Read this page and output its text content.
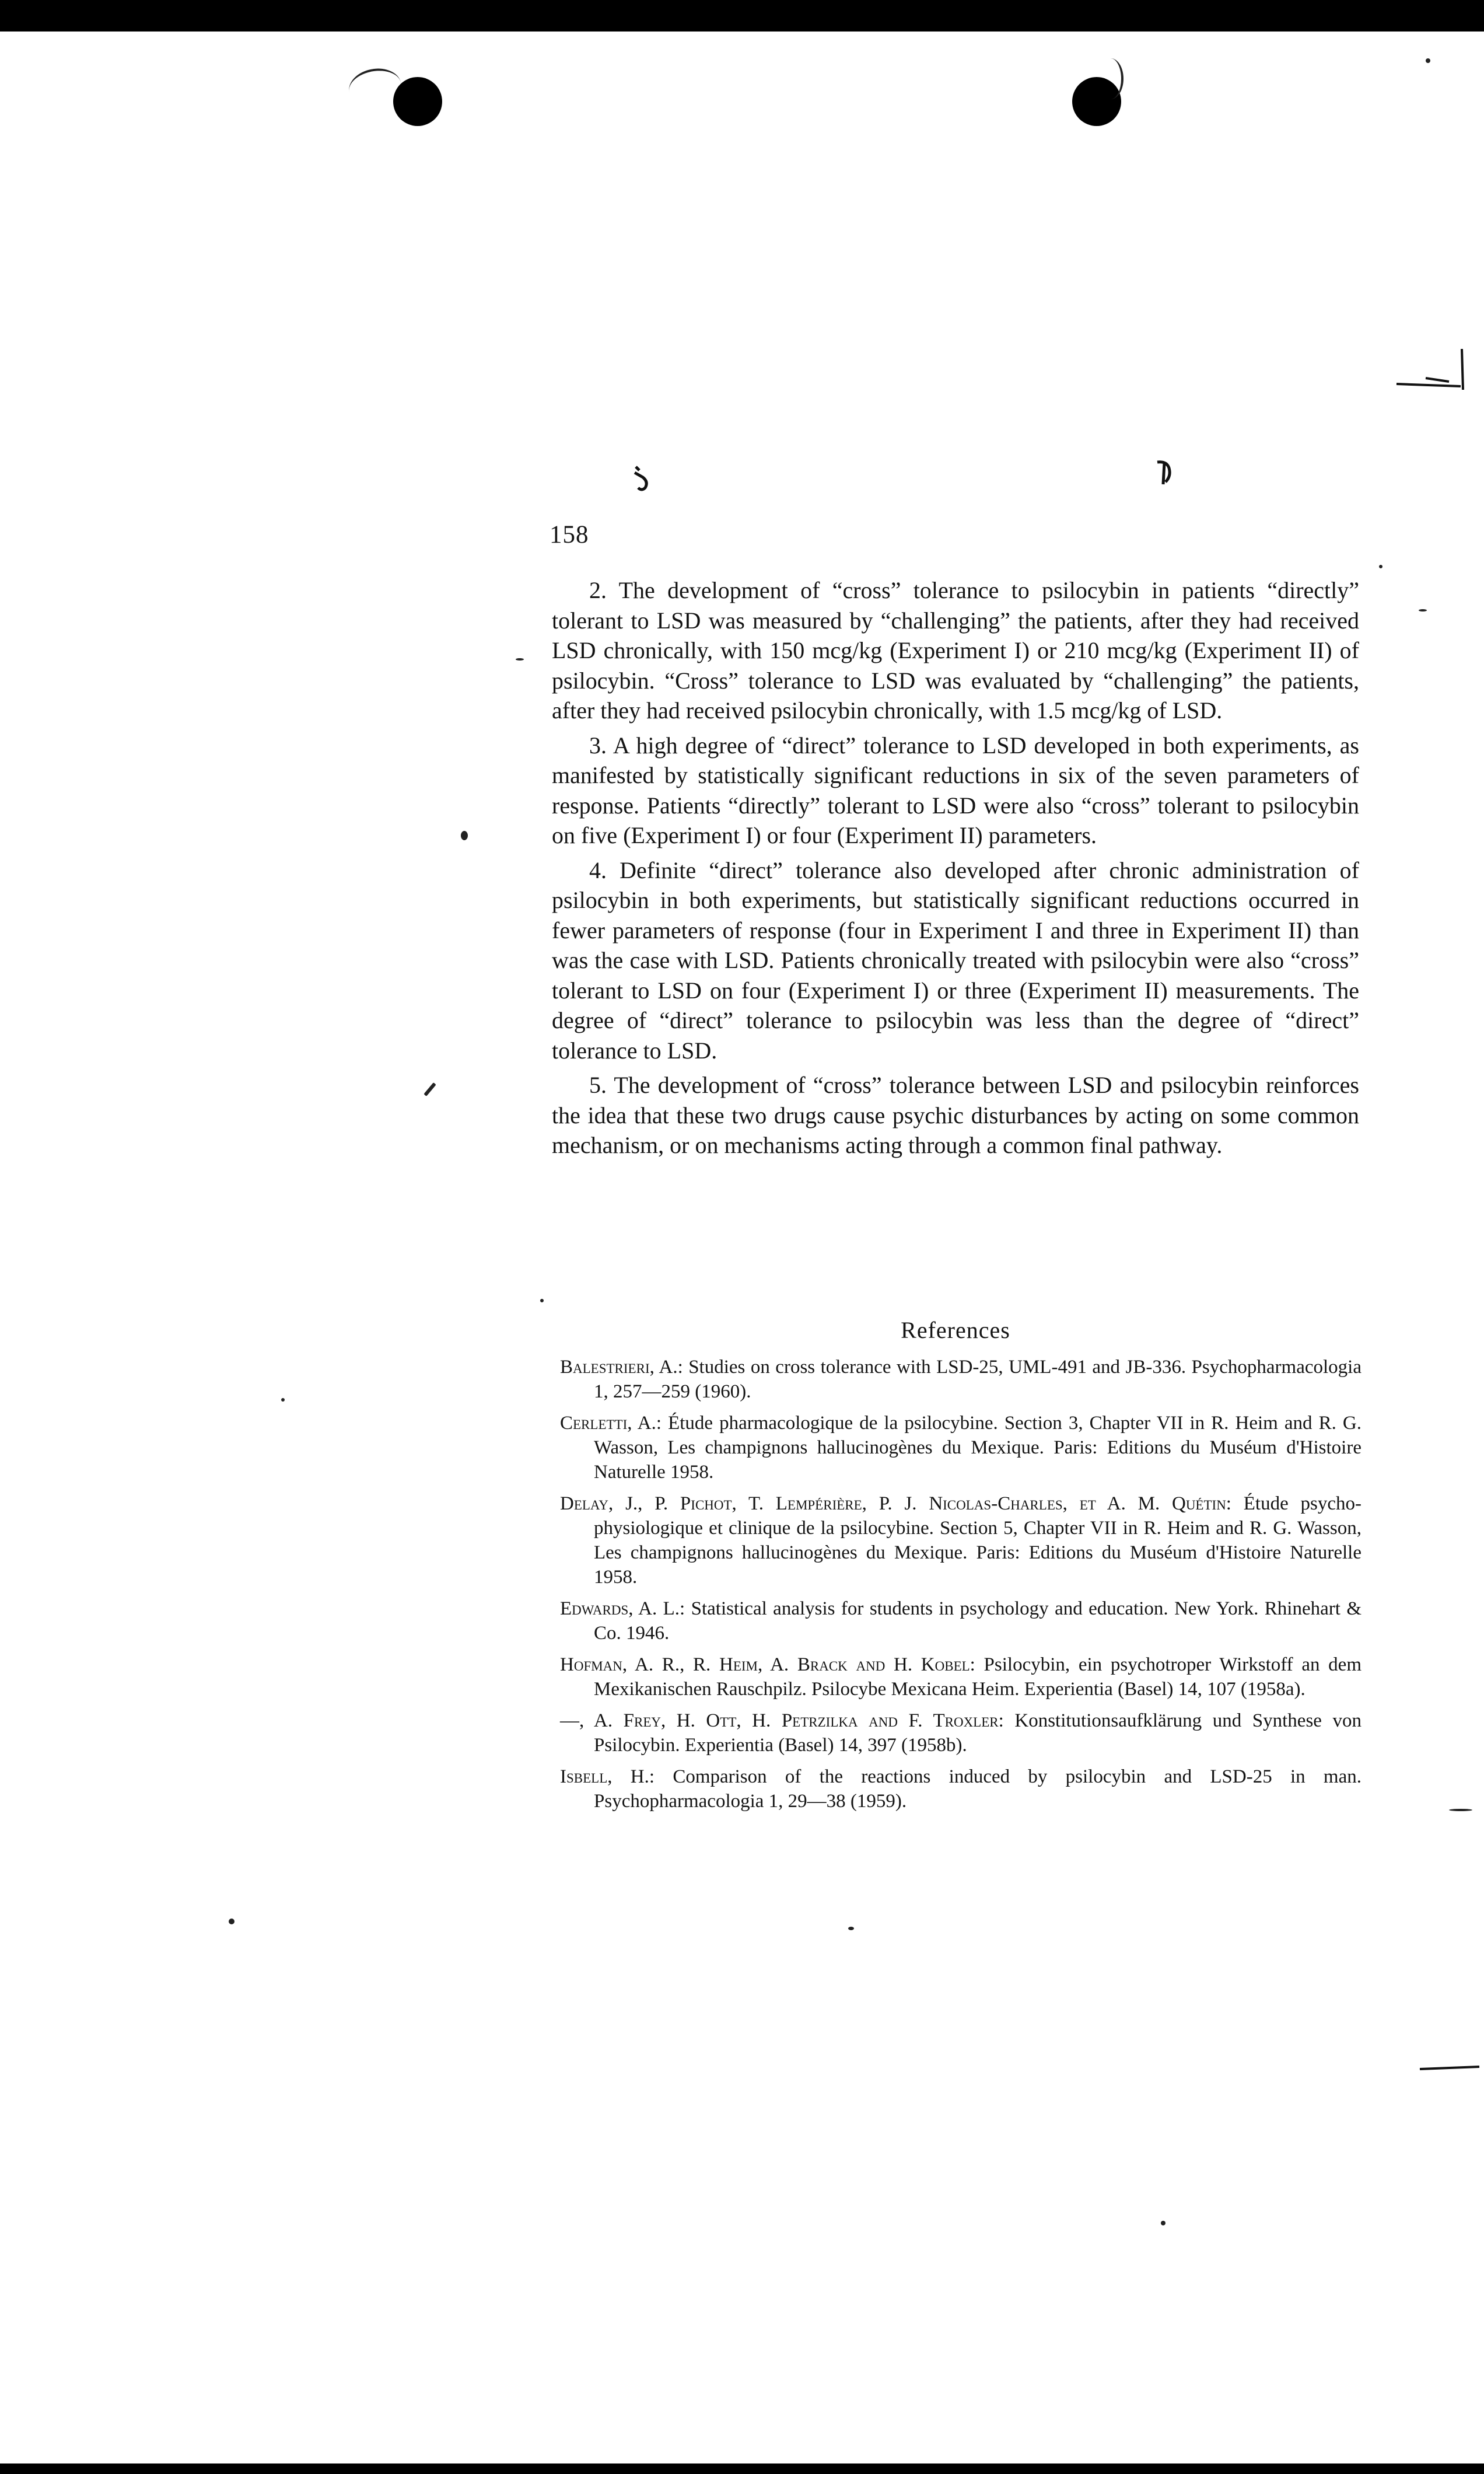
158

2. The development of “cross” tolerance to psilocybin in patients “directly” tolerant to LSD was measured by “challenging” the patients, after they had received LSD chronically, with 150 mcg/kg (Experiment I) or 210 mcg/kg (Experiment II) of psilocybin. “Cross” tolerance to LSD was evaluated by “challenging” the patients, after they had received psilocybin chronically, with 1.5 mcg/kg of LSD.

3. A high degree of “direct” tolerance to LSD developed in both experiments, as manifested by statistically significant reductions in six of the seven parameters of response. Patients “directly” tolerant to LSD were also “cross” tolerant to psilocybin on five (Experiment I) or four (Experiment II) parameters.

4. Definite “direct” tolerance also developed after chronic administration of psilocybin in both experiments, but statistically significant reductions occurred in fewer parameters of response (four in Experiment I and three in Experiment II) than was the case with LSD. Patients chronically treated with psilocybin were also “cross” tolerant to LSD on four (Experiment I) or three (Experiment II) measurements. The degree of “direct” tolerance to psilocybin was less than the degree of “direct” tolerance to LSD.

5. The development of “cross” tolerance between LSD and psilocybin reinforces the idea that these two drugs cause psychic disturbances by acting on some common mechanism, or on mechanisms acting through a common final pathway.

References

Balestrieri, A.: Studies on cross tolerance with LSD-25, UML-491 and JB-336. Psychopharmacologia 1, 257—259 (1960).

Cerletti, A.: Étude pharmacologique de la psilocybine. Section 3, Chapter VII in R. Heim and R. G. Wasson, Les champignons hallucinogènes du Mexique. Paris: Editions du Muséum d'Histoire Naturelle 1958.

Delay, J., P. Pichot, T. Lempérière, P. J. Nicolas-Charles, et A. M. Quétin: Étude psycho-physiologique et clinique de la psilocybine. Section 5, Chapter VII in R. Heim and R. G. Wasson, Les champignons hallucinogènes du Mexique. Paris: Editions du Muséum d'Histoire Naturelle 1958.

Edwards, A. L.: Statistical analysis for students in psychology and education. New York. Rhinehart & Co. 1946.

Hofman, A. R., R. Heim, A. Brack and H. Kobel: Psilocybin, ein psychotroper Wirkstoff an dem Mexikanischen Rauschpilz. Psilocybe Mexicana Heim. Experientia (Basel) 14, 107 (1958a).

—, A. Frey, H. Ott, H. Petrzilka and F. Troxler: Konstitutionsaufklärung und Synthese von Psilocybin. Experientia (Basel) 14, 397 (1958b).

Isbell, H.: Comparison of the reactions induced by psilocybin and LSD-25 in man. Psychopharmacologia 1, 29—38 (1959).
